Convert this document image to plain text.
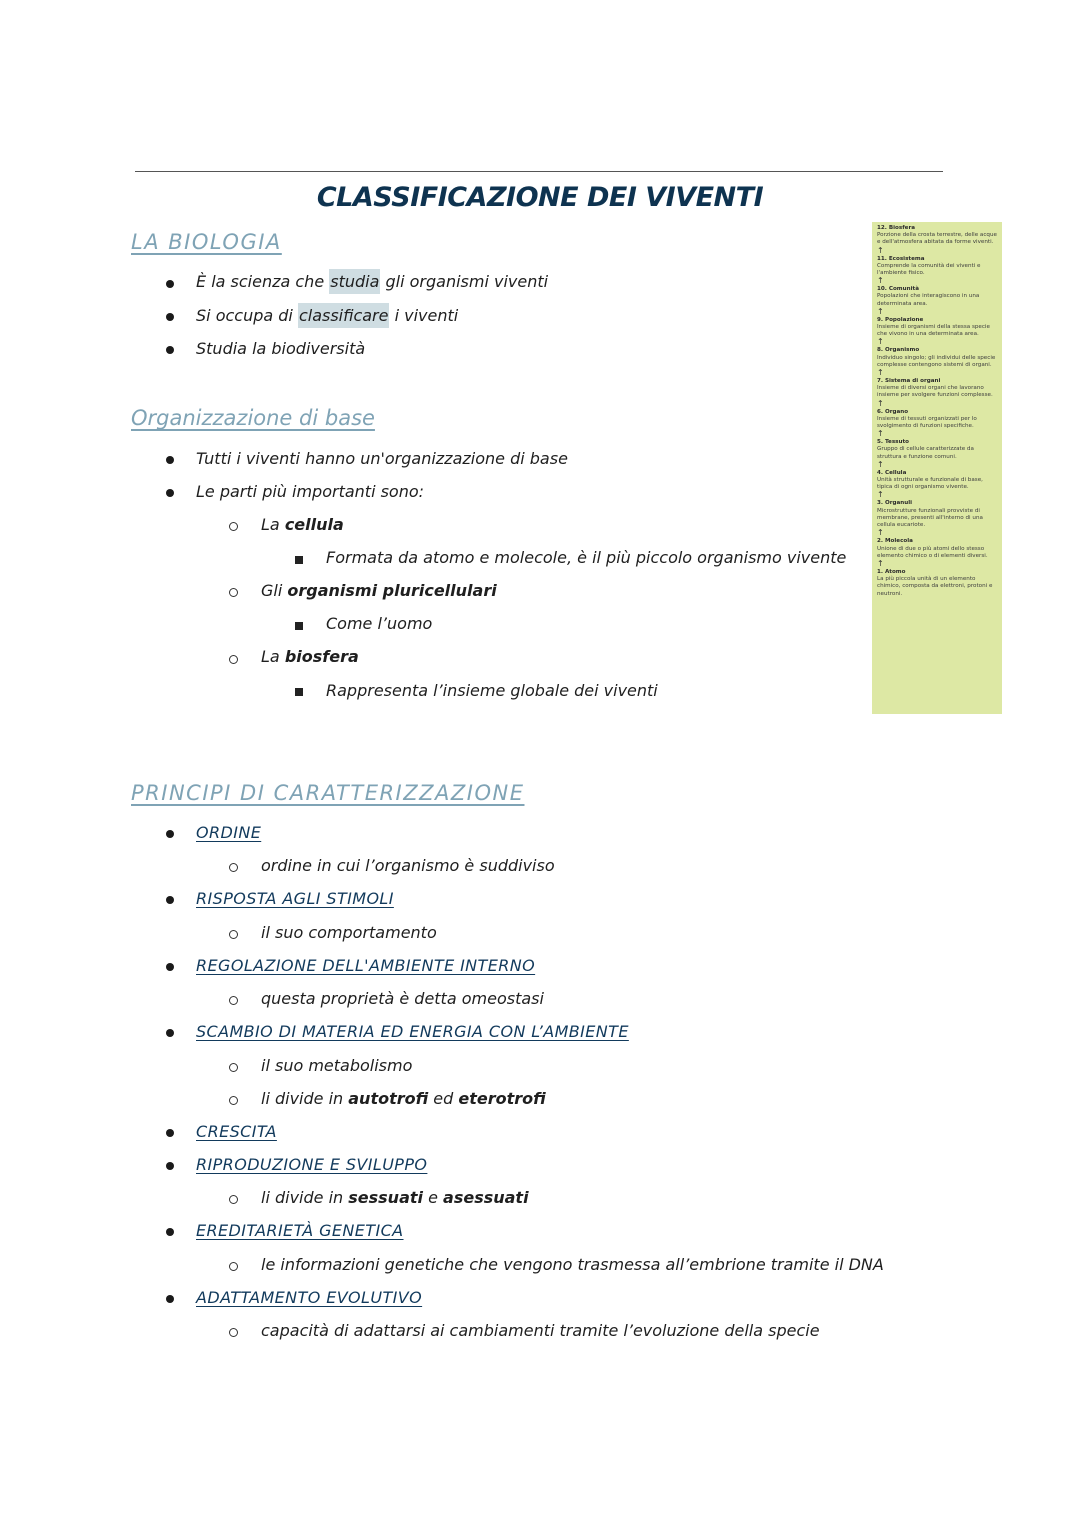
CLASSIFICAZIONE DEI VIVENTI
LA BIOLOGIA
È la scienza che studia gli organismi viventi
Si occupa di classificare i viventi
Studia la biodiversità
Organizzazione di base
Tutti i viventi hanno un'organizzazione di base
Le parti più importanti sono:
La cellula
Formata da atomo e molecole, è il più piccolo organismo vivente
Gli organismi pluricellulari
Come l’uomo
La biosfera
Rappresenta l’insieme globale dei viventi
PRINCIPI DI CARATTERIZZAZIONE
ORDINE
ordine in cui l’organismo è suddiviso
RISPOSTA AGLI STIMOLI
il suo comportamento
REGOLAZIONE DELL'AMBIENTE INTERNO
questa proprietà è detta omeostasi
SCAMBIO DI MATERIA ED ENERGIA CON L’AMBIENTE
il suo metabolismo
li divide in autotrofi ed eterotrofi
CRESCITA
RIPRODUZIONE E SVILUPPO
li divide in sessuati e asessuati
EREDITARIETÀ GENETICA
le informazioni genetiche che vengono trasmessa all’embrione tramite il DNA
ADATTAMENTO EVOLUTIVO
capacità di adattarsi ai cambiamenti tramite l’evoluzione della specie
12. Biosfera
Porzione della crosta terrestre, delle acque e dell'atmosfera abitata da forme viventi.
↑
11. Ecosistema
Comprende la comunità dei viventi e l'ambiente fisico.
↑
10. Comunità
Popolazioni che interagiscono in una determinata area.
↑
9. Popolazione
Insieme di organismi della stessa specie che vivono in una determinata area.
↑
8. Organismo
Individuo singolo; gli individui delle specie complesse contengono sistemi di organi.
↑
7. Sistema di organi
Insieme di diversi organi che lavorano insieme per svolgere funzioni complesse.
↑
6. Organo
Insieme di tessuti organizzati per lo svolgimento di funzioni specifiche.
↑
5. Tessuto
Gruppo di cellule caratterizzate da struttura e funzione comuni.
↑
4. Cellula
Unità strutturale e funzionale di base, tipica di ogni organismo vivente.
↑
3. Organuli
Microstrutture funzionali provviste di membrane, presenti all'interno di una cellula eucariote.
↑
2. Molecola
Unione di due o più atomi dello stesso elemento chimico o di elementi diversi.
↑
1. Atomo
La più piccola unità di un elemento chimico, composta da elettroni, protoni e neutroni.
